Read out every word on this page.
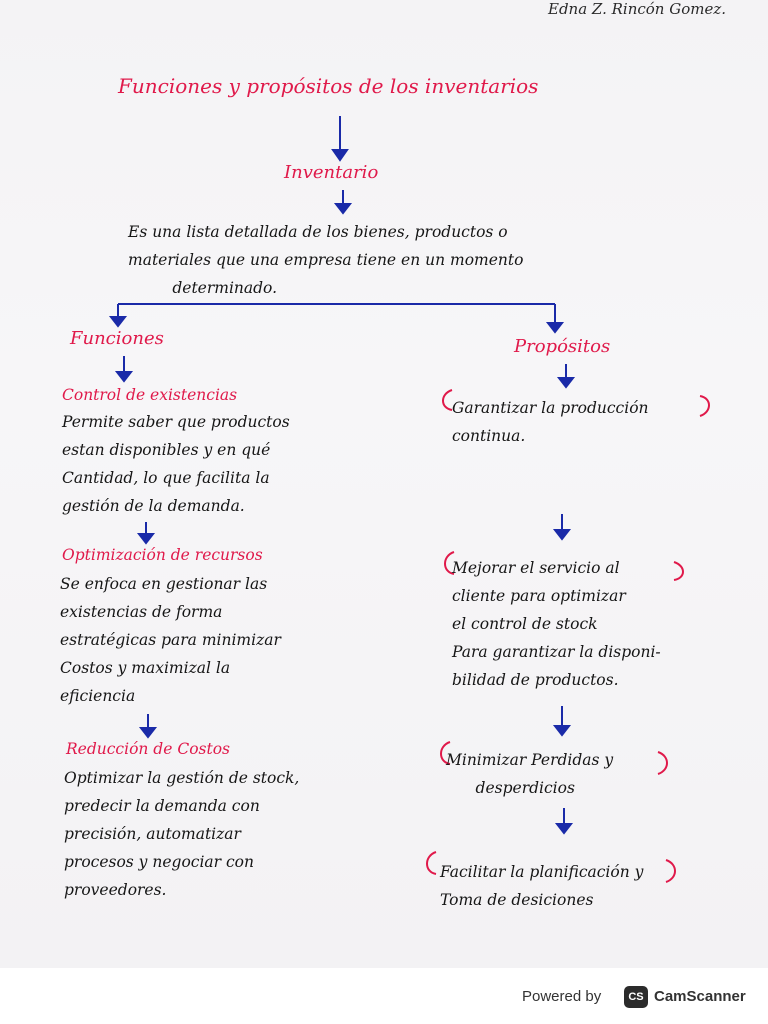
Edna Z. Rincón Gomez.
Funciones y propósitos de los inventarios
Inventario
Es una lista detallada de los bienes, productos o
materiales que una empresa tiene en un momento
determinado.
Funciones
Control de existencias
Permite saber que productos
estan disponibles y en qué
Cantidad, lo que facilita la
gestión de la demanda.
Optimización de recursos
Se enfoca en gestionar las
existencias de forma
estratégicas para minimizar
Costos y maximizal la
eficiencia
Reducción de Costos
Optimizar la gestión de stock,
predecir la demanda con
precisión, automatizar
procesos y negociar con
proveedores.
Propósitos
Garantizar la producción
continua.
Mejorar el servicio al
cliente para optimizar
el control de stock
Para garantizar la disponi-
bilidad de productos.
Minimizar Perdidas y
desperdicios
Facilitar la planificación y
Toma de desiciones
Powered by	CS CamScanner
